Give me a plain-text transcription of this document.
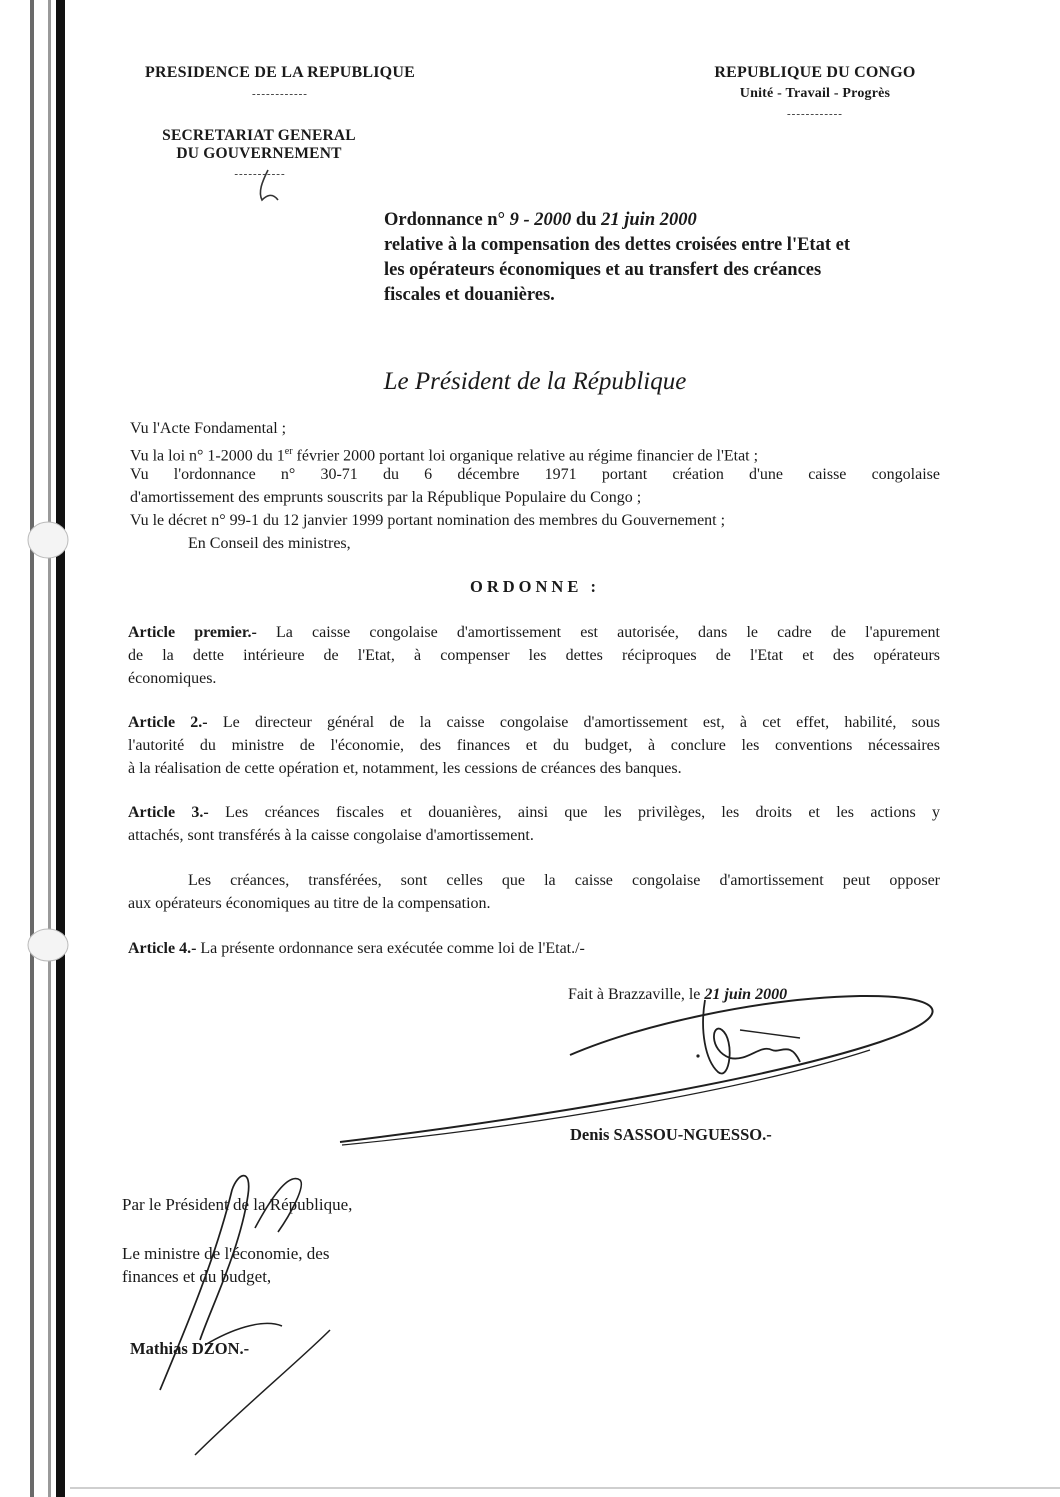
PRESIDENCE DE LA REPUBLIQUE
------------
SECRETARIAT GENERAL
DU GOUVERNEMENT
-----------
REPUBLIQUE DU CONGO
Unité - Travail - Progrès
------------
Ordonnance n° 9 - 2000 du 21 juin 2000
relative à la compensation des dettes croisées entre l'Etat et
les opérateurs économiques et au transfert des créances
fiscales et douanières.
Le Président de la République
Vu l'Acte Fondamental ;
Vu la loi n° 1-2000 du 1er février 2000 portant loi organique relative au régime financier de l'Etat ;
Vu l'ordonnance n° 30-71 du 6 décembre 1971 portant création d'une caisse congolaise
d'amortissement des emprunts souscrits par la République Populaire du Congo ;
Vu le décret n° 99-1 du 12 janvier 1999 portant nomination des membres du Gouvernement ;
En Conseil des ministres,
ORDONNE :
Article premier.- La caisse congolaise d'amortissement est autorisée, dans le cadre de l'apurement
de la dette intérieure de l'Etat, à compenser les dettes réciproques de l'Etat et des opérateurs
économiques.
Article 2.- Le directeur général de la caisse congolaise d'amortissement est, à cet effet, habilité, sous
l'autorité du ministre de l'économie, des finances et du budget, à conclure les conventions nécessaires
à la réalisation de cette opération et, notamment, les cessions de créances des banques.
Article 3.- Les créances fiscales et douanières, ainsi que les privilèges, les droits et les actions y
attachés, sont transférés à la caisse congolaise d'amortissement.
Les créances, transférées, sont celles que la caisse congolaise d'amortissement peut opposer
aux opérateurs économiques au titre de la compensation.
Article 4.- La présente ordonnance sera exécutée comme loi de l'Etat./-
Fait à Brazzaville, le 21 juin 2000
Denis SASSOU-NGUESSO.-
Par le Président de la République,
Le ministre de l'économie, des
finances et du budget,
Mathias DZON.-
